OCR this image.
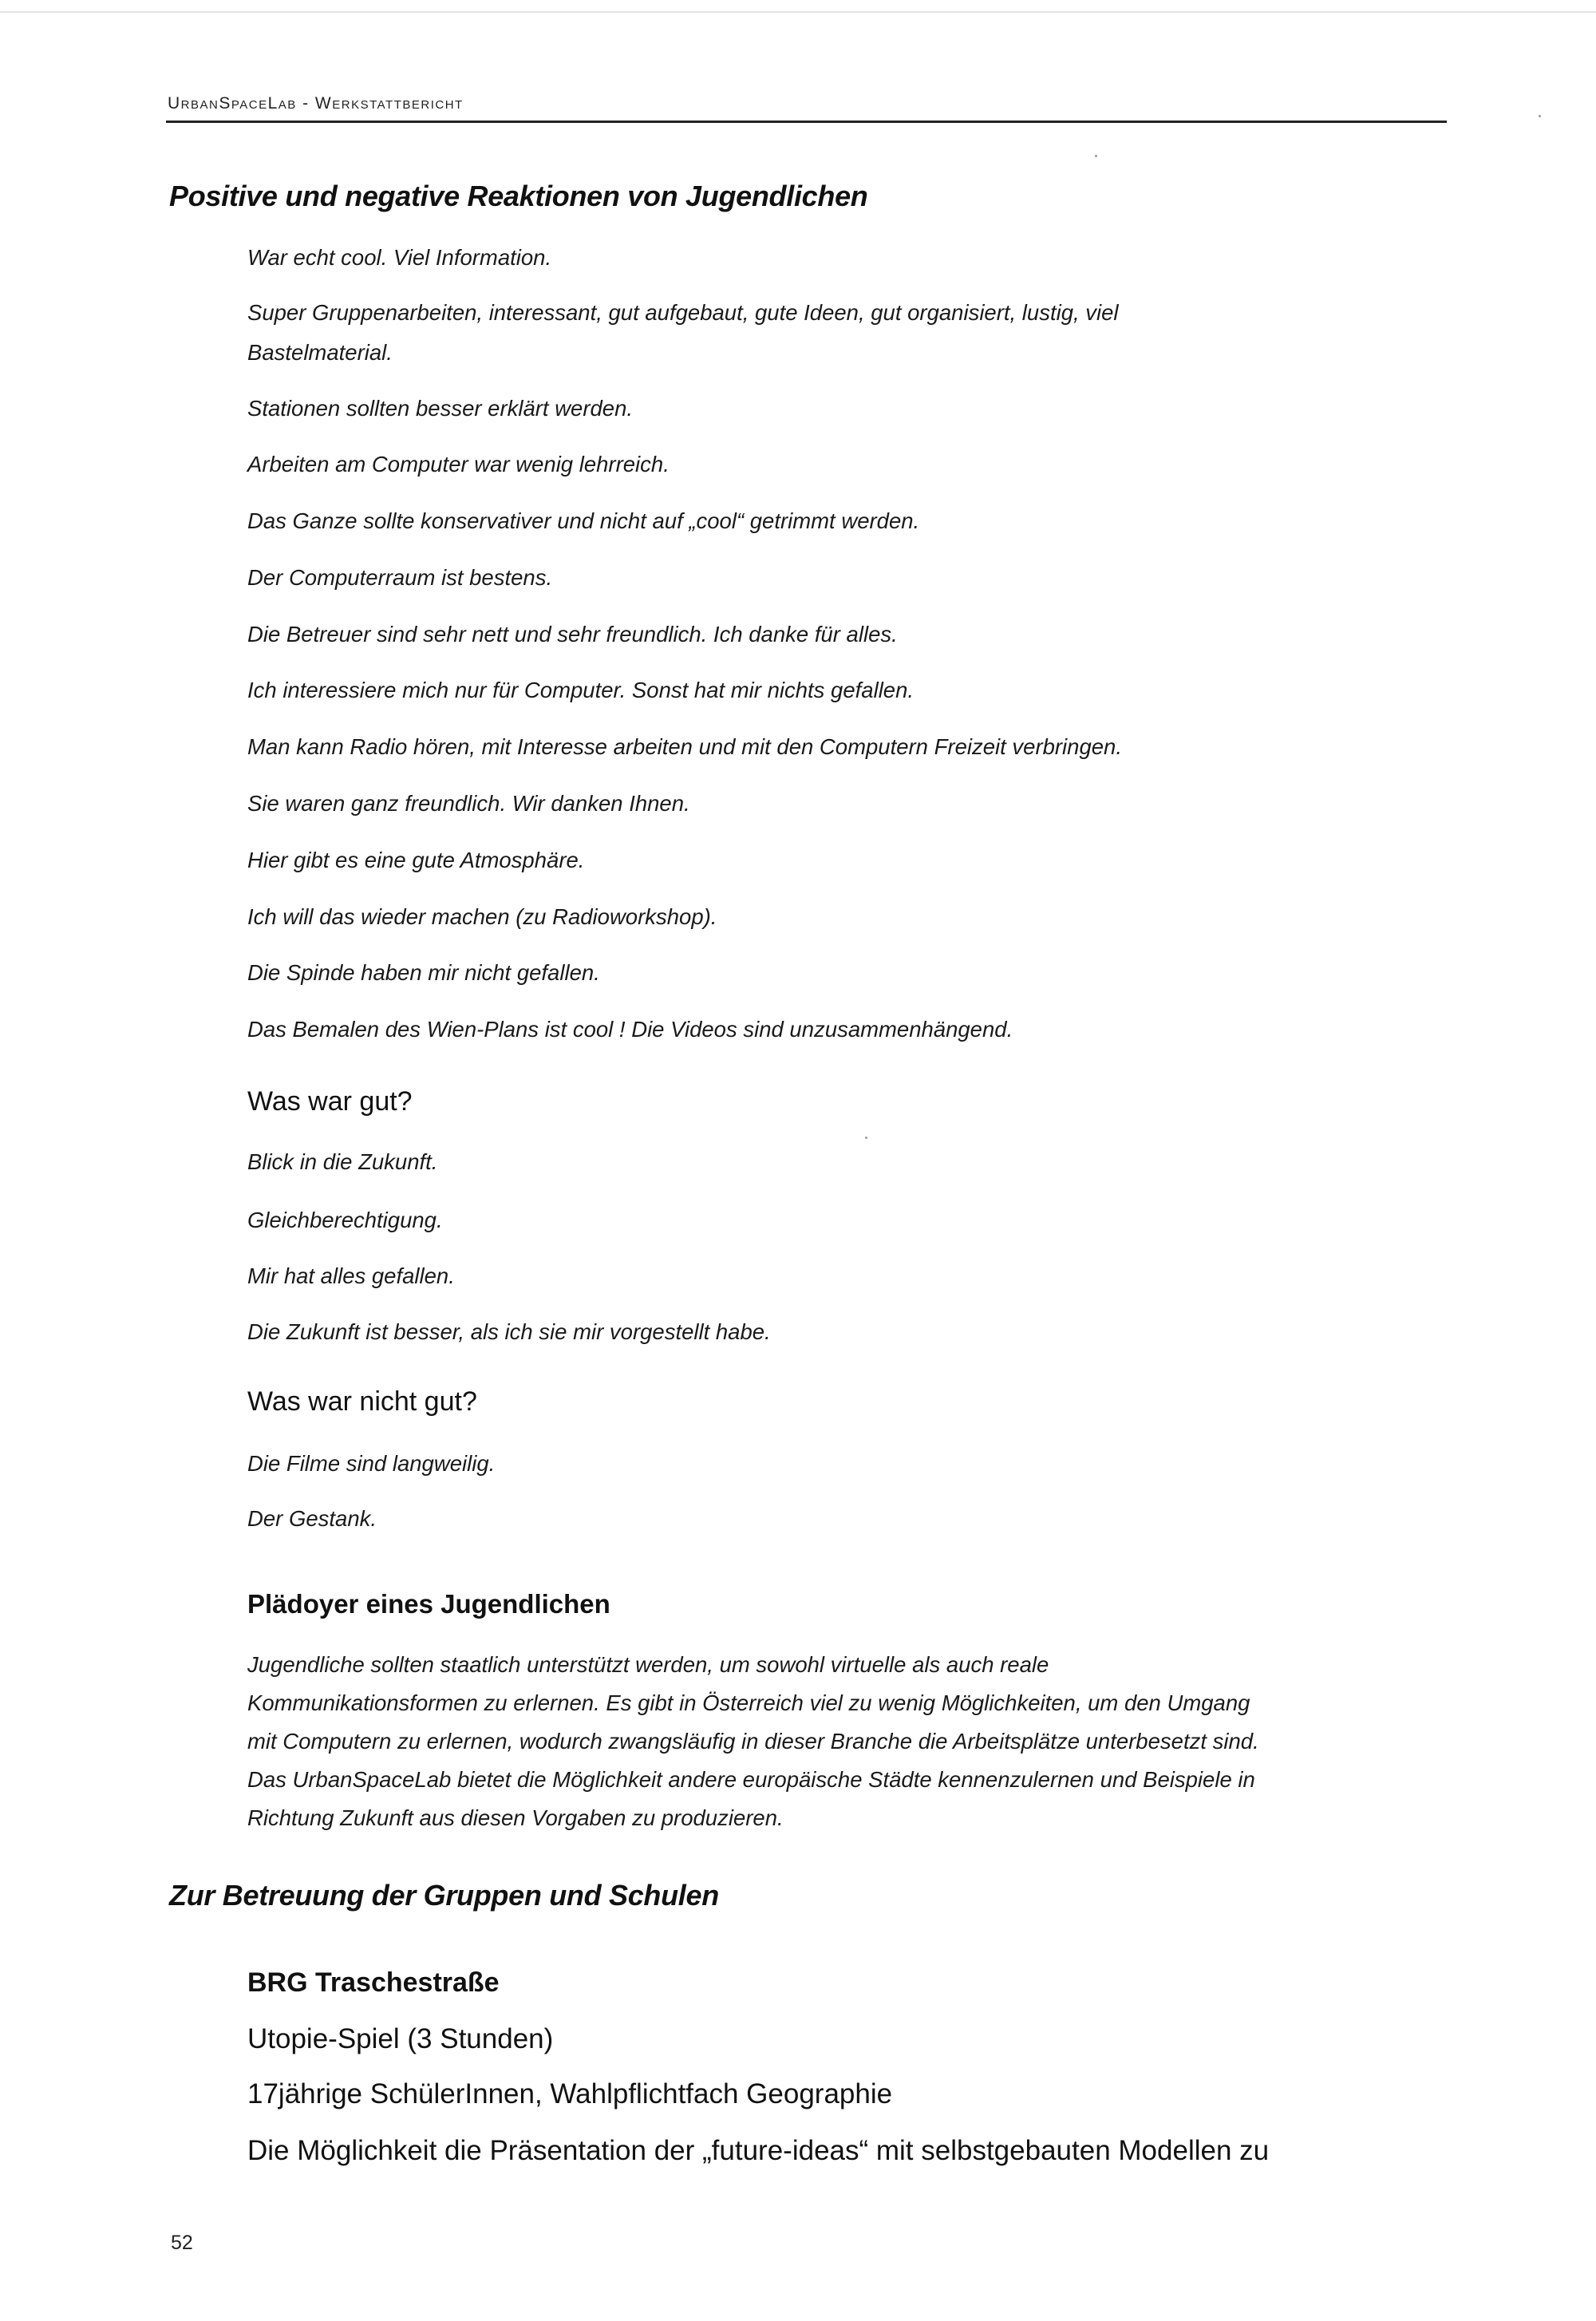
UrbanSpaceLab - Werkstattbericht
Positive und negative Reaktionen von Jugendlichen

War echt cool. Viel Information.

Super Gruppenarbeiten, interessant, gut aufgebaut, gute Ideen, gut organisiert, lustig, viel

Bastelmaterial.

Stationen sollten besser erklärt werden.

Arbeiten am Computer war wenig lehrreich.

Das Ganze sollte konservativer und nicht auf „cool“ getrimmt werden.

Der Computerraum ist bestens.

Die Betreuer sind sehr nett und sehr freundlich. Ich danke für alles.

Ich interessiere mich nur für Computer. Sonst hat mir nichts gefallen.

Man kann Radio hören, mit Interesse arbeiten und mit den Computern Freizeit verbringen.

Sie waren ganz freundlich. Wir danken Ihnen.

Hier gibt es eine gute Atmosphäre.

Ich will das wieder machen (zu Radioworkshop).

Die Spinde haben mir nicht gefallen.

Das Bemalen des Wien-Plans ist cool ! Die Videos sind unzusammenhängend.

Was war gut?

Blick in die Zukunft.

Gleichberechtigung.

Mir hat alles gefallen.

Die Zukunft ist besser, als ich sie mir vorgestellt habe.

Was war nicht gut?

Die Filme sind langweilig.

Der Gestank.

Plädoyer eines Jugendlichen
Jugendliche sollten staatlich unterstützt werden, um sowohl virtuelle als auch reale
Kommunikationsformen zu erlernen. Es gibt in Österreich viel zu wenig Möglichkeiten, um den Umgang
mit Computern zu erlernen, wodurch zwangsläufig in dieser Branche die Arbeitsplätze unterbesetzt sind.
Das UrbanSpaceLab bietet die Möglichkeit andere europäische Städte kennenzulernen und Beispiele in
Richtung Zukunft aus diesen Vorgaben zu produzieren.
Zur Betreuung der Gruppen und Schulen
BRG Traschestraße

Utopie-Spiel (3 Stunden)

17jährige SchülerInnen, Wahlpflichtfach Geographie

Die Möglichkeit die Präsentation der „future-ideas“ mit selbstgebauten Modellen zu

52
